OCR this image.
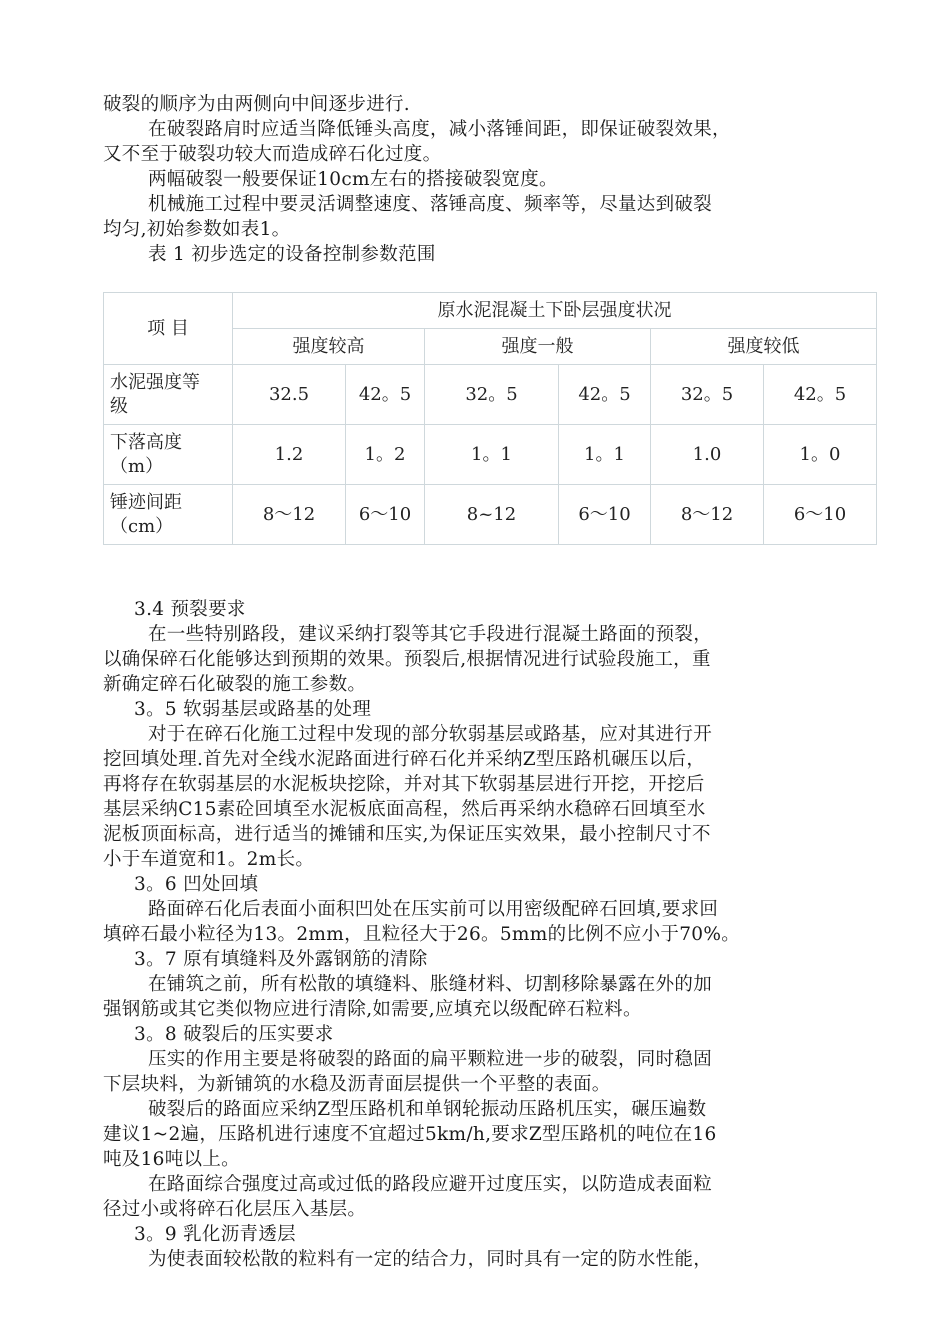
破裂的顺序为由两侧向中间逐步进行.
在破裂路肩时应适当降低锤头高度，减小落锤间距，即保证破裂效果，
又不至于破裂功较大而造成碎石化过度。
两幅破裂一般要保证10cm左右的搭接破裂宽度。
机械施工过程中要灵活调整速度、落锤高度、频率等，尽量达到破裂
均匀,初始参数如表1。
表 1 初步选定的设备控制参数范围
项 目	原水泥混凝土下卧层强度状况					
	强度较高		强度一般		强度较低	

水泥强度等
级	32.5	42。5	32。5	42。5	32。5	42。5

下落高度
（m）	1.2	1。2	1。1	1。1	1.0	1。0

锤迹间距
（cm）	8～12	6～10	8~12	6～10	8～12	6～10
3.4 预裂要求
在一些特别路段，建议采纳打裂等其它手段进行混凝土路面的预裂，
以确保碎石化能够达到预期的效果。预裂后,根据情况进行试验段施工，重
新确定碎石化破裂的施工参数。
3。5 软弱基层或路基的处理
对于在碎石化施工过程中发现的部分软弱基层或路基，应对其进行开
挖回填处理.首先对全线水泥路面进行碎石化并采纳Z型压路机碾压以后，
再将存在软弱基层的水泥板块挖除，并对其下软弱基层进行开挖，开挖后
基层采纳C15素砼回填至水泥板底面高程，然后再采纳水稳碎石回填至水
泥板顶面标高，进行适当的摊铺和压实,为保证压实效果，最小控制尺寸不
小于车道宽和1。2m长。
3。6 凹处回填
路面碎石化后表面小面积凹处在压实前可以用密级配碎石回填,要求回
填碎石最小粒径为13。2mm，且粒径大于26。5mm的比例不应小于70%。
3。7 原有填缝料及外露钢筋的清除
在铺筑之前，所有松散的填缝料、胀缝材料、切割移除暴露在外的加
强钢筋或其它类似物应进行清除,如需要,应填充以级配碎石粒料。
3。8 破裂后的压实要求
压实的作用主要是将破裂的路面的扁平颗粒进一步的破裂，同时稳固
下层块料，为新铺筑的水稳及沥青面层提供一个平整的表面。
破裂后的路面应采纳Z型压路机和单钢轮振动压路机压实，碾压遍数
建议1~2遍，压路机进行速度不宜超过5km/h,要求Z型压路机的吨位在16
吨及16吨以上。
在路面综合强度过高或过低的路段应避开过度压实，以防造成表面粒
径过小或将碎石化层压入基层。
3。9 乳化沥青透层
为使表面较松散的粒料有一定的结合力，同时具有一定的防水性能，
